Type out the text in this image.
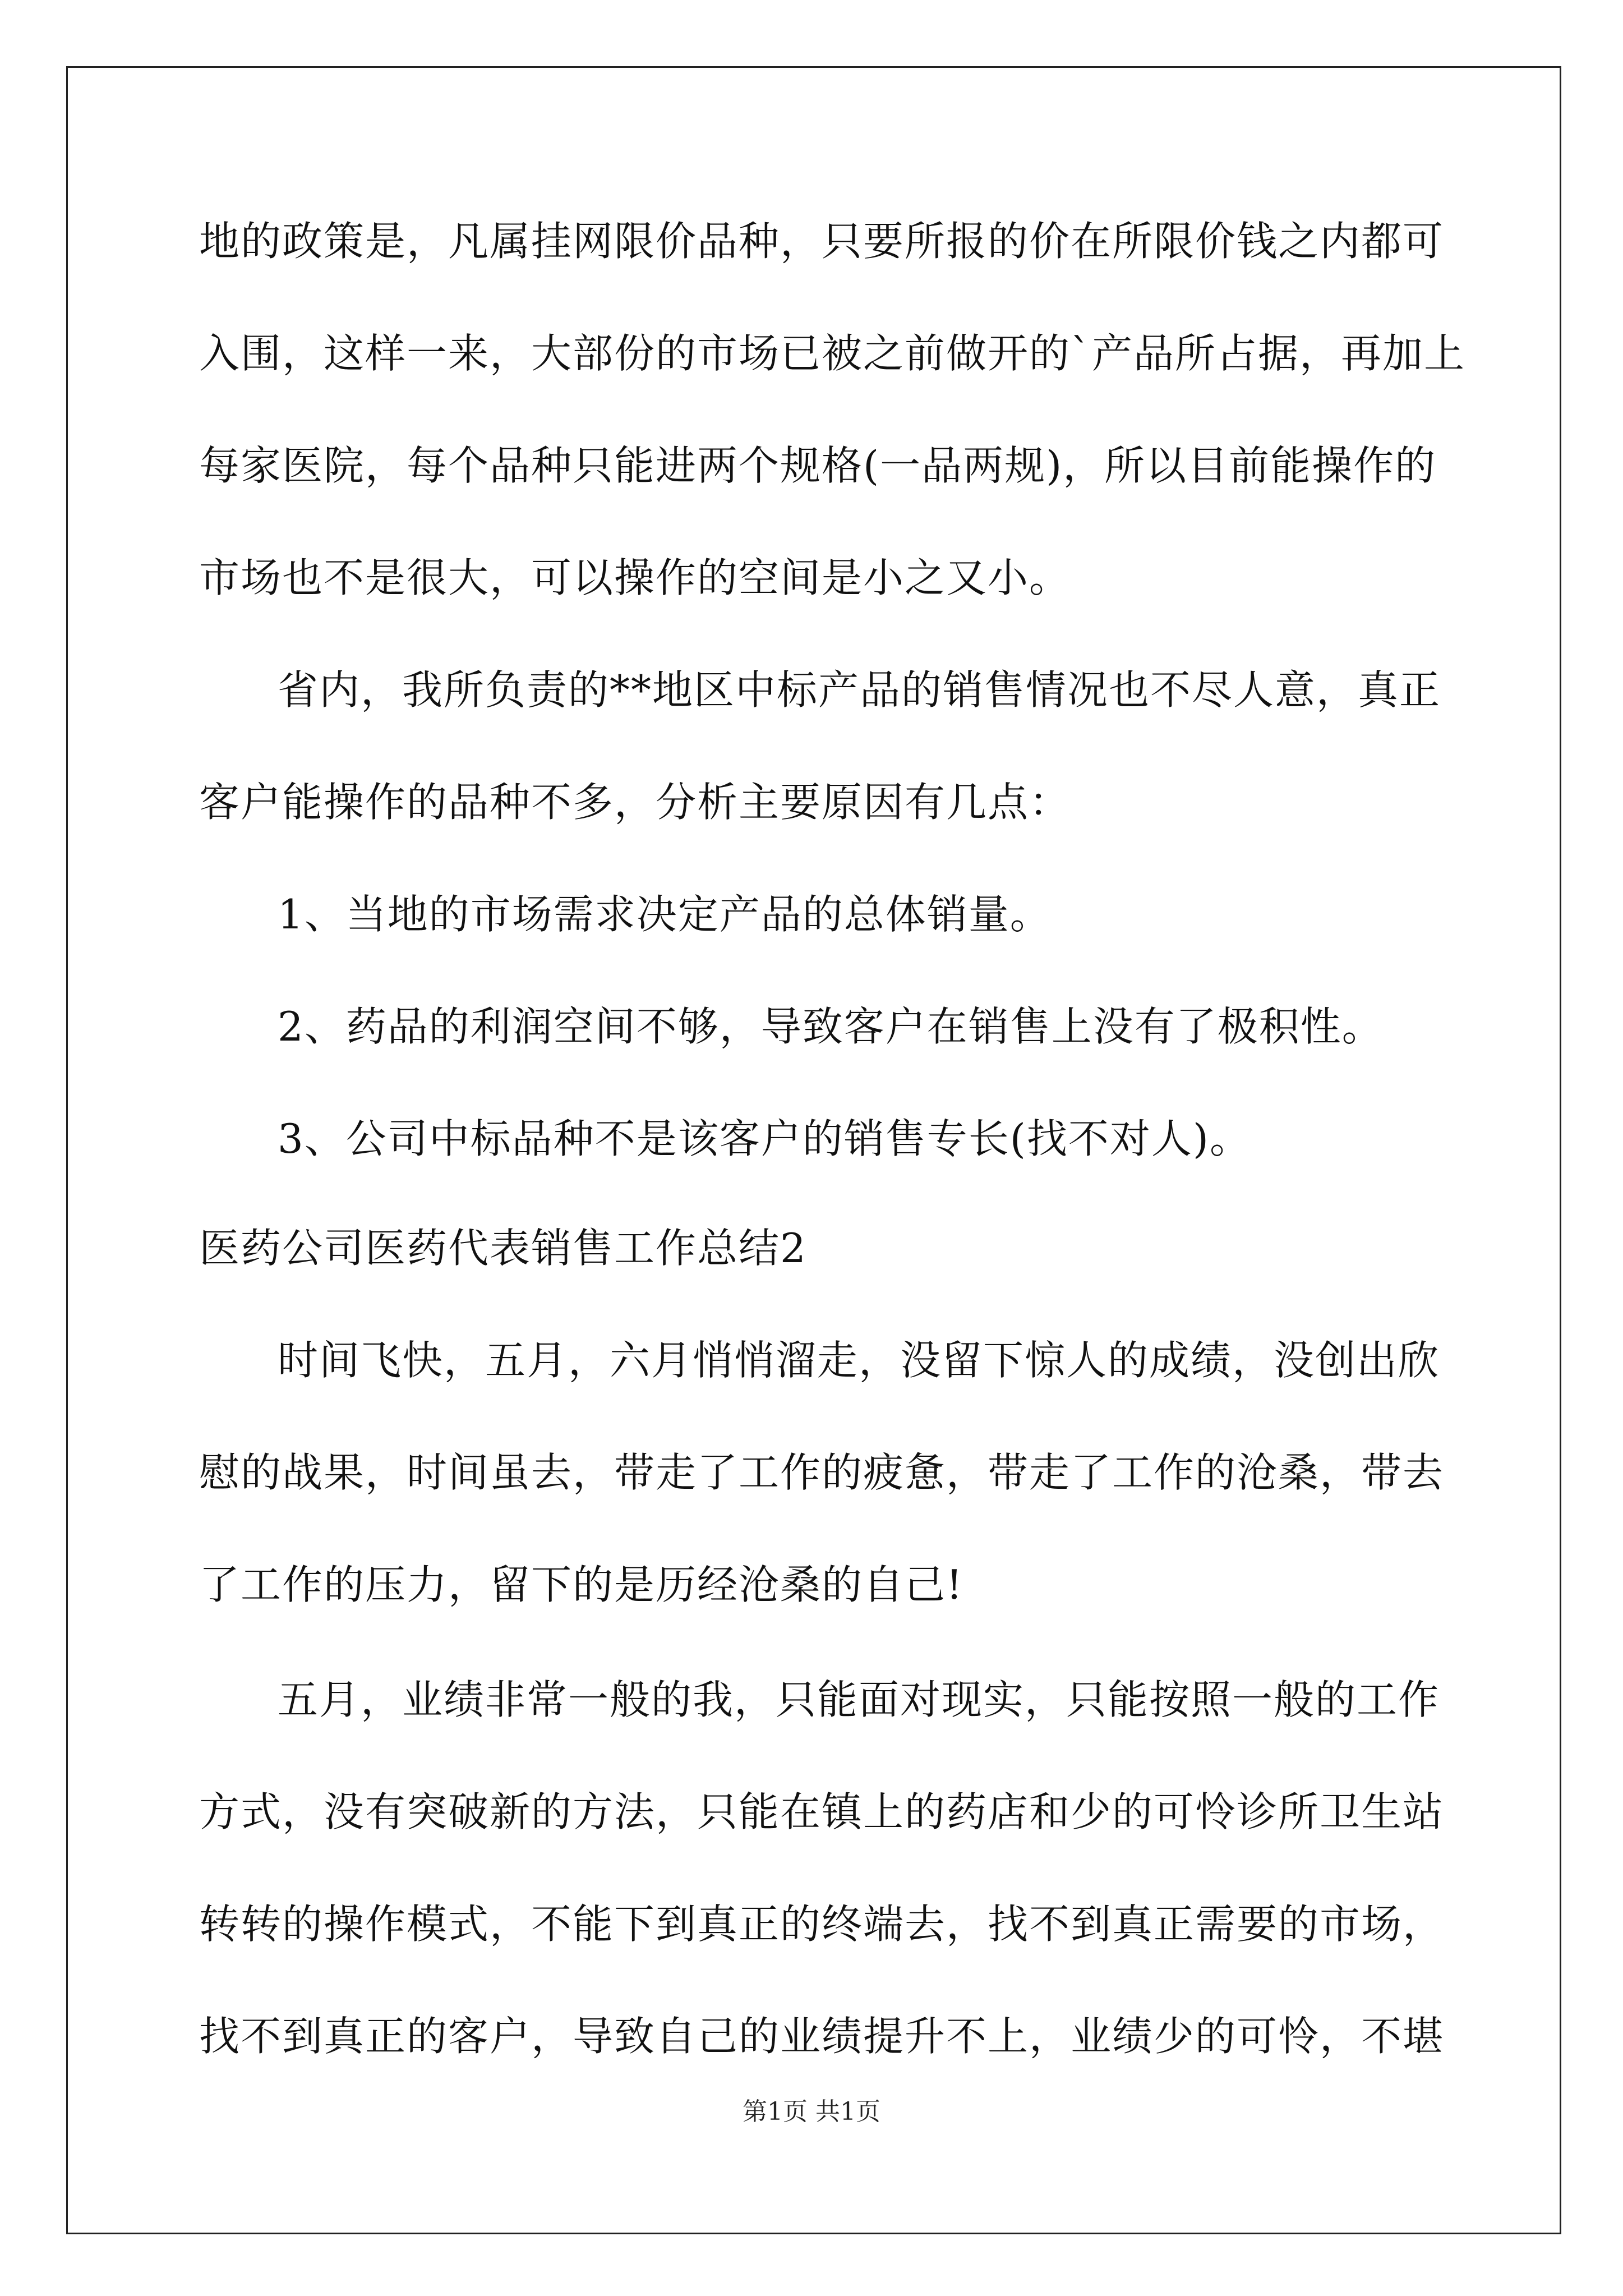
地的政策是，凡属挂网限价品种，只要所报的价在所限价钱之内都可
入围，这样一来，大部份的市场已被之前做开的`产品所占据，再加上
每家医院，每个品种只能进两个规格(一品两规)，所以目前能操作的
市场也不是很大，可以操作的空间是小之又小。
省内，我所负责的**地区中标产品的销售情况也不尽人意，真正
客户能操作的品种不多，分析主要原因有几点：
1、当地的市场需求决定产品的总体销量。
2、药品的利润空间不够，导致客户在销售上没有了极积性。
3、公司中标品种不是该客户的销售专长(找不对人)。
医药公司医药代表销售工作总结2
时间飞快，五月，六月悄悄溜走，没留下惊人的成绩，没创出欣
慰的战果，时间虽去，带走了工作的疲惫，带走了工作的沧桑，带去
了工作的压力，留下的是历经沧桑的自己!
五月，业绩非常一般的我，只能面对现实，只能按照一般的工作
方式，没有突破新的方法，只能在镇上的药店和少的可怜诊所卫生站
转转的操作模式，不能下到真正的终端去，找不到真正需要的市场，
找不到真正的客户，导致自己的业绩提升不上，业绩少的可怜，不堪
第1页 共1页
